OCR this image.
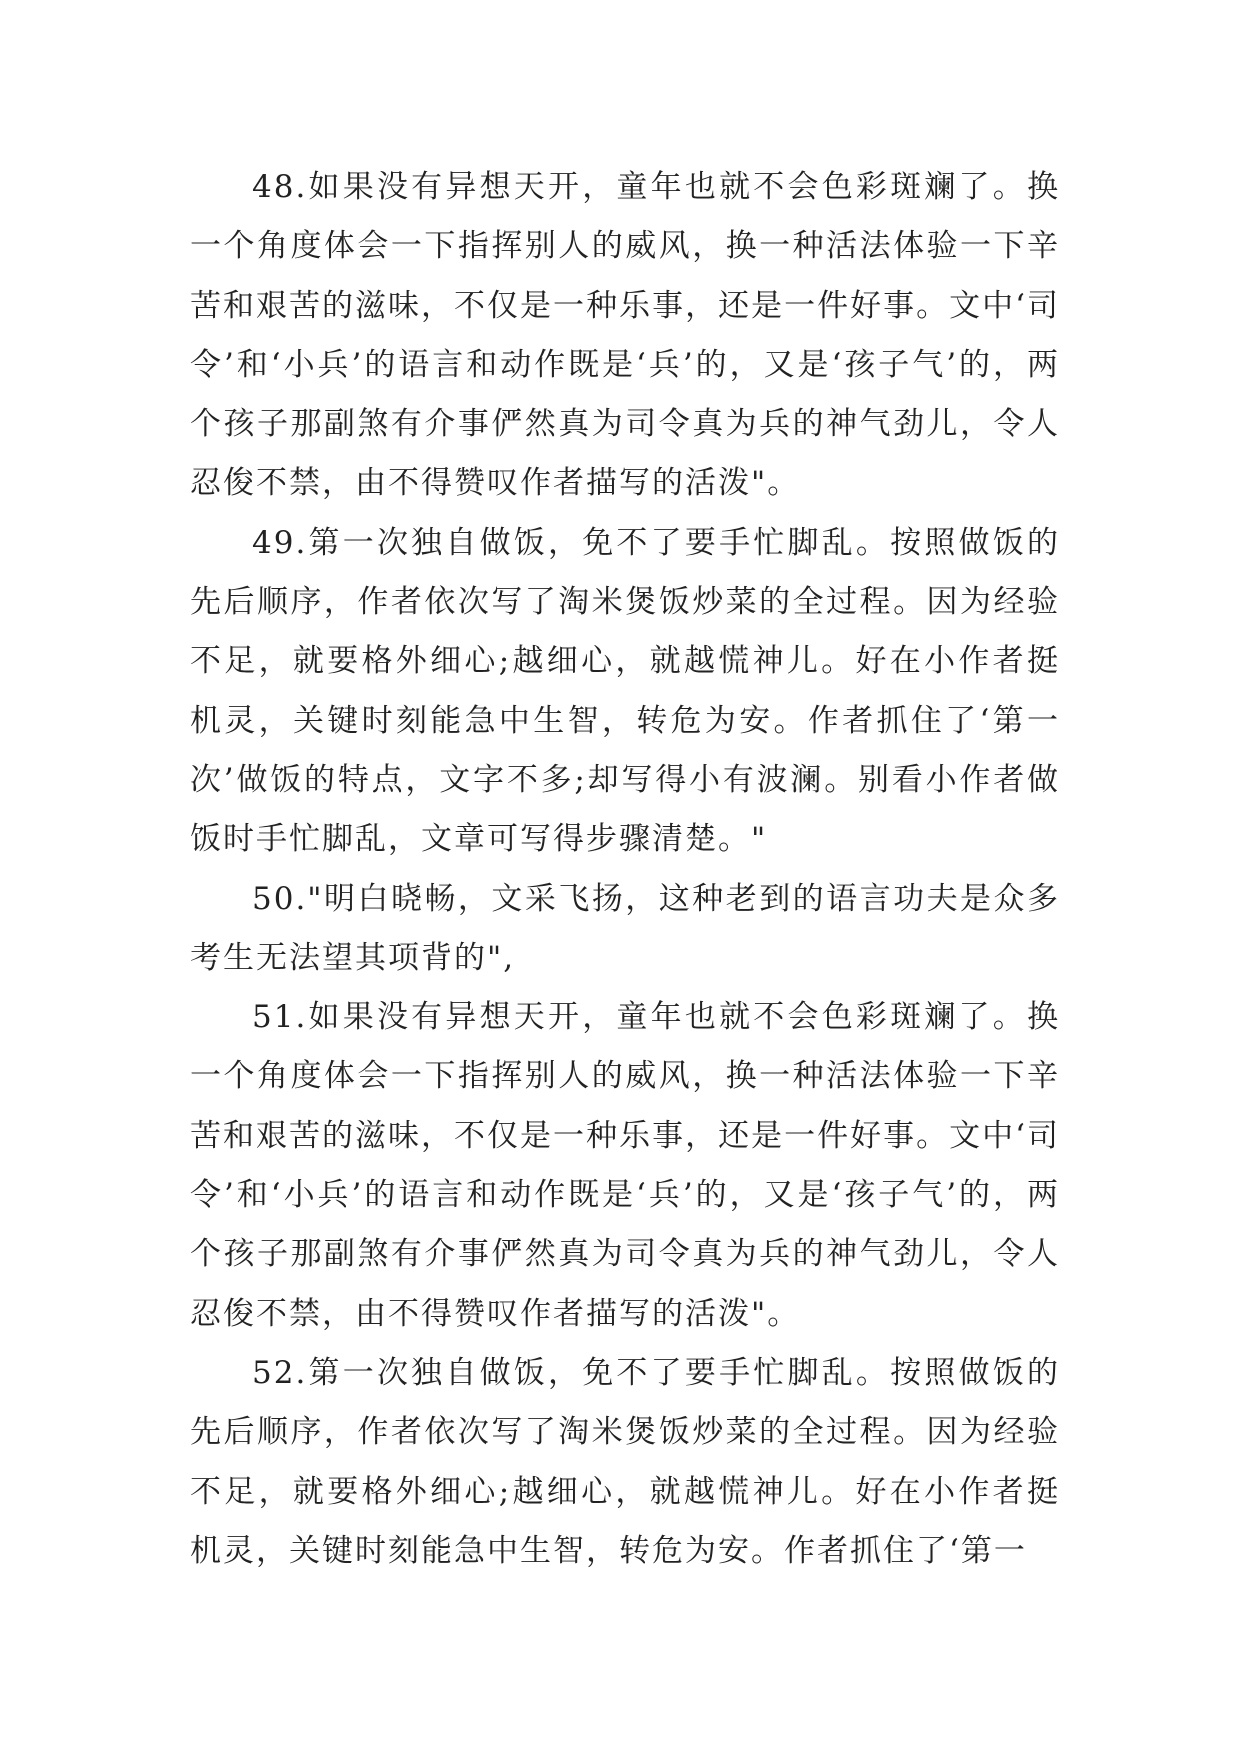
48.如果没有异想天开，童年也就不会色彩斑斓了。换一个角度体会一下指挥别人的威风，换一种活法体验一下辛苦和艰苦的滋味，不仅是一种乐事，还是一件好事。文中‘司令’和‘小兵’的语言和动作既是‘兵’的，又是‘孩子气’的，两个孩子那副煞有介事俨然真为司令真为兵的神气劲儿，令人忍俊不禁，由不得赞叹作者描写的活泼"。

49.第一次独自做饭，免不了要手忙脚乱。按照做饭的先后顺序，作者依次写了淘米煲饭炒菜的全过程。因为经验不足，就要格外细心;越细心，就越慌神儿。好在小作者挺机灵，关键时刻能急中生智，转危为安。作者抓住了‘第一次’做饭的特点，文字不多;却写得小有波澜。别看小作者做饭时手忙脚乱，文章可写得步骤清楚。"

50."明白晓畅，文采飞扬，这种老到的语言功夫是众多考生无法望其项背的",

51.如果没有异想天开，童年也就不会色彩斑斓了。换一个角度体会一下指挥别人的威风，换一种活法体验一下辛苦和艰苦的滋味，不仅是一种乐事，还是一件好事。文中‘司令’和‘小兵’的语言和动作既是‘兵’的，又是‘孩子气’的，两个孩子那副煞有介事俨然真为司令真为兵的神气劲儿，令人忍俊不禁，由不得赞叹作者描写的活泼"。

52.第一次独自做饭，免不了要手忙脚乱。按照做饭的先后顺序，作者依次写了淘米煲饭炒菜的全过程。因为经验不足，就要格外细心;越细心，就越慌神儿。好在小作者挺机灵，关键时刻能急中生智，转危为安。作者抓住了‘第一
